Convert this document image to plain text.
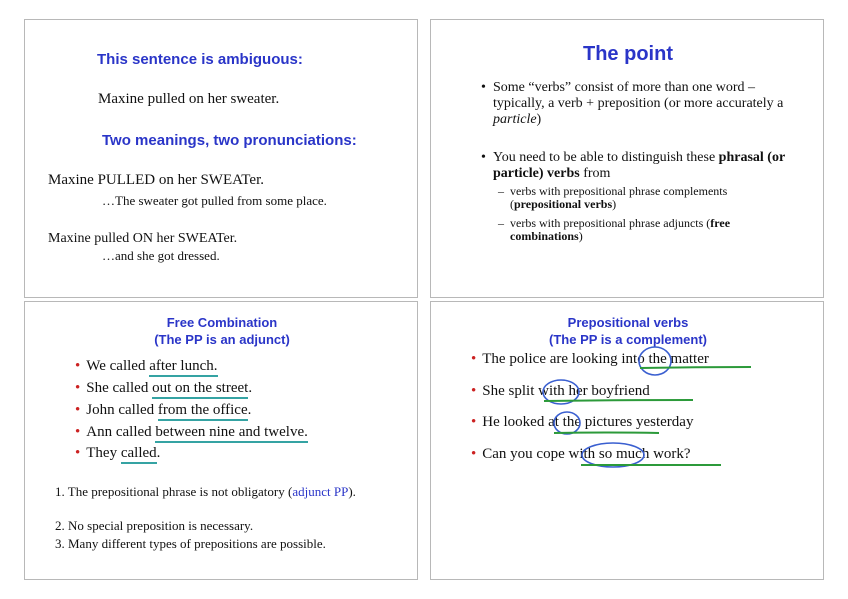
This sentence is ambiguous:
Maxine pulled on her sweater.
Two meanings, two pronunciations:
Maxine PULLED on her SWEATer.
…The sweater got pulled from some place.
Maxine pulled ON her SWEATer.
…and she got dressed.
The point
• Some “verbs” consist of more than one word – typically, a verb + preposition (or more accurately a particle)
• You need to be able to distinguish these phrasal (or particle) verbs from
– verbs with prepositional phrase complements (prepositional verbs)
– verbs with prepositional phrase adjuncts (free combinations)
Free Combination
(The PP is an adjunct)
• We called after lunch.
• She called out on the street.
• John called from the office.
• Ann called between nine and twelve.
• They called.
1. The prepositional phrase is not obligatory (adjunct PP).
2. No special preposition is necessary.
3. Many different types of prepositions are possible.
Prepositional verbs
(The PP is a complement)
• The police are looking into the matter
• She split with her boyfriend
• He looked at the pictures yesterday
• Can you cope with so much work?
